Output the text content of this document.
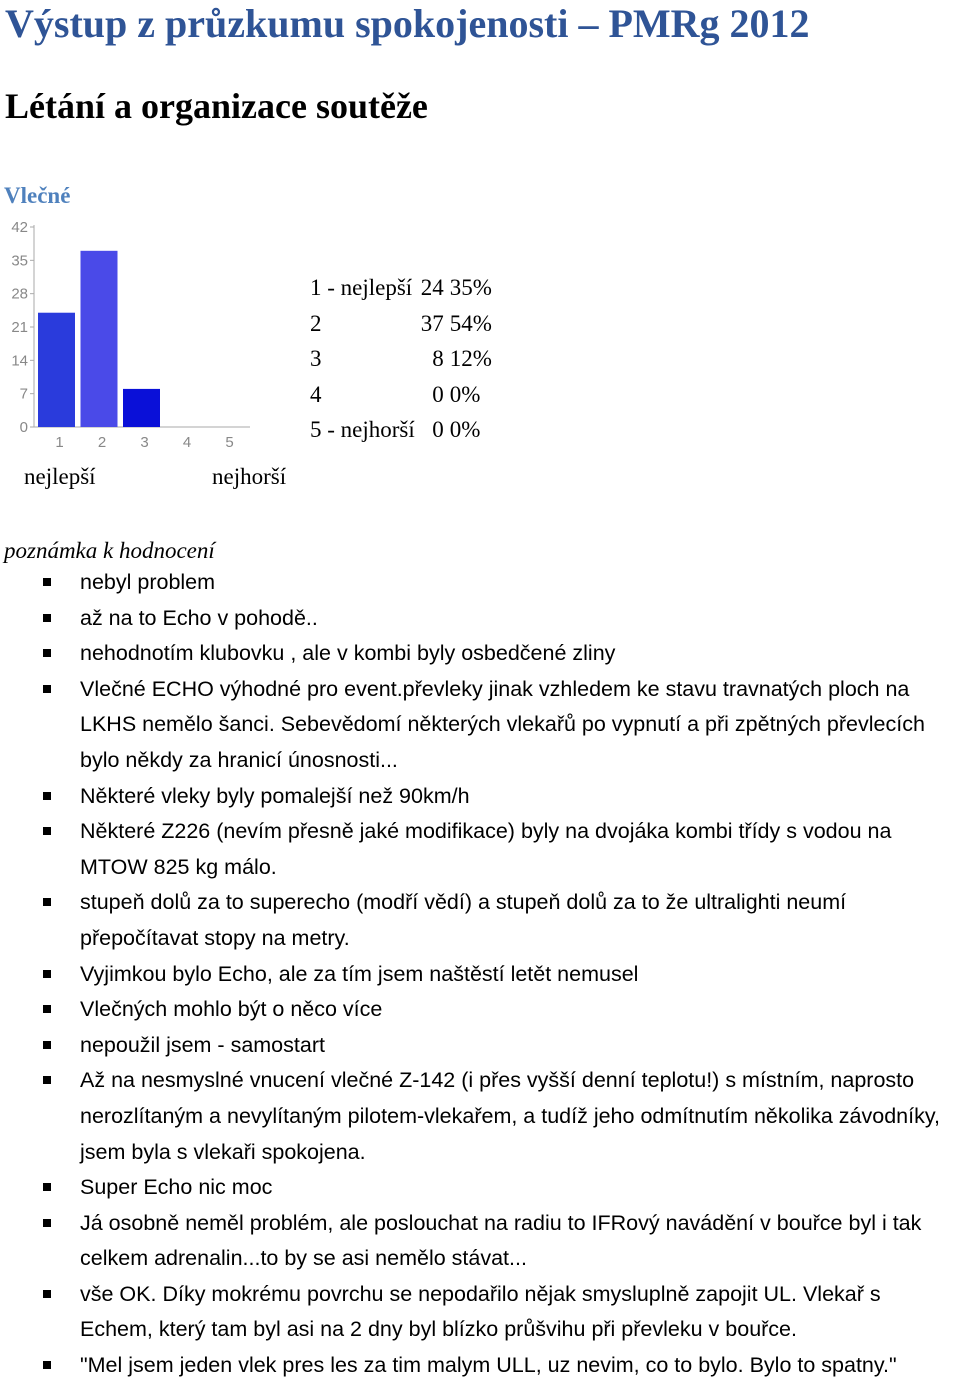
Výstup z průzkumu spokojenosti – PMRg 2012
Létání a organizace soutěže
Vlečné
0
7
14
21
28
35
42
1 2 3 4 5
1 - nejlepší	24	35%
2	37	54%
3	8	12%
4	0	0%
5 - nejhorší	0	0%
nejlepší	nejhorší
poznámka k hodnocení
nebyl problem
až na to Echo v pohodě..
nehodnotím klubovku , ale v kombi byly osbedčené zliny
Vlečné ECHO výhodné pro event.převleky jinak vzhledem ke stavu travnatých ploch na LKHS nemělo šanci. Sebevědomí některých vlekařů po vypnutí a při zpětných převlecích bylo někdy za hranicí únosnosti...
Některé vleky byly pomalejší než 90km/h
Některé Z226 (nevím přesně jaké modifikace) byly na dvojáka kombi třídy s vodou na MTOW 825 kg málo.
stupeň dolů za to superecho (modří vědí) a stupeň dolů za to že ultralighti neumí přepočítavat stopy na metry.
Vyjimkou bylo Echo, ale za tím jsem naštěstí letět nemusel
Vlečných mohlo být o něco více
nepoužil jsem - samostart
Až na nesmyslné vnucení vlečné Z-142 (i přes vyšší denní teplotu!) s místním, naprosto nerozlítaným a nevylítaným pilotem-vlekařem, a tudíž jeho odmítnutím několika závodníky, jsem byla s vlekaři spokojena.
Super Echo nic moc
Já osobně neměl problém, ale poslouchat na radiu to IFRový navádění v bouřce byl i tak celkem adrenalin...to by se asi nemělo stávat...
vše OK. Díky mokrému povrchu se nepodařilo nějak smysluplně zapojit UL. Vlekař s Echem, který tam byl asi na 2 dny byl blízko průšvihu při převleku v bouřce.
"Mel jsem jeden vlek pres les za tim malym ULL, uz nevim, co to bylo. Bylo to spatny."
